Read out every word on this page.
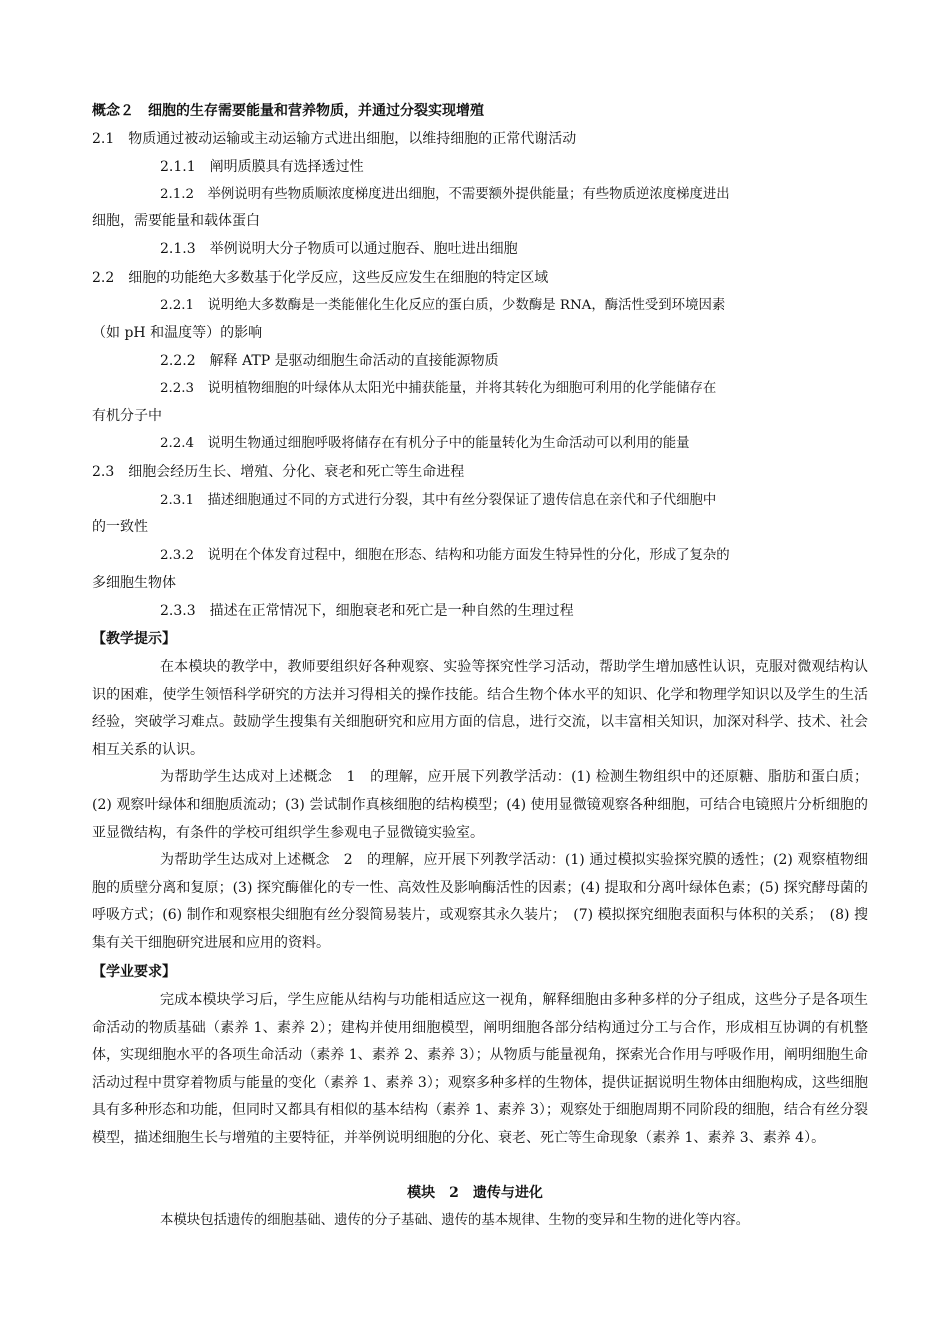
概念２　细胞的生存需要能量和营养物质，并通过分裂实现增殖
2.1　物质通过被动运输或主动运输方式进出细胞，以维持细胞的正常代谢活动
2.1.1　阐明质膜具有选择透过性
2.1.2　举例说明有些物质顺浓度梯度进出细胞，不需要额外提供能量；有些物质逆浓度梯度进出
细胞，需要能量和载体蛋白
2.1.3　举例说明大分子物质可以通过胞吞、胞吐进出细胞
2.2　细胞的功能绝大多数基于化学反应，这些反应发生在细胞的特定区域
2.2.1　说明绝大多数酶是一类能催化生化反应的蛋白质，少数酶是 RNA，酶活性受到环境因素
（如 pH 和温度等）的影响
2.2.2　解释 ATP 是驱动细胞生命活动的直接能源物质
2.2.3　说明植物细胞的叶绿体从太阳光中捕获能量，并将其转化为细胞可利用的化学能储存在
有机分子中
2.2.4　说明生物通过细胞呼吸将储存在有机分子中的能量转化为生命活动可以利用的能量
2.3　细胞会经历生长、增殖、分化、衰老和死亡等生命进程
2.3.1　描述细胞通过不同的方式进行分裂，其中有丝分裂保证了遗传信息在亲代和子代细胞中
的一致性
2.3.2　说明在个体发育过程中，细胞在形态、结构和功能方面发生特异性的分化，形成了复杂的
多细胞生物体
2.3.3　描述在正常情况下，细胞衰老和死亡是一种自然的生理过程
【教学提示】

在本模块的教学中，教师要组织好各种观察、实验等探究性学习活动，帮助学生增加感性认识，克服对微观结构认识的困难，使学生领悟科学研究的方法并习得相关的操作技能。结合生物个体水平的知识、化学和物理学知识以及学生的生活经验，突破学习难点。鼓励学生搜集有关细胞研究和应用方面的信息，进行交流，以丰富相关知识，加深对科学、技术、社会相互关系的认识。

为帮助学生达成对上述概念　1　的理解，应开展下列教学活动：(1) 检测生物组织中的还原糖、脂肪和蛋白质；(2) 观察叶绿体和细胞质流动；(3) 尝试制作真核细胞的结构模型；(4) 使用显微镜观察各种细胞，可结合电镜照片分析细胞的亚显微结构，有条件的学校可组织学生参观电子显微镜实验室。

为帮助学生达成对上述概念　2　的理解，应开展下列教学活动：(1) 通过模拟实验探究膜的透性；(2) 观察植物细胞的质壁分离和复原；(3) 探究酶催化的专一性、高效性及影响酶活性的因素；(4) 提取和分离叶绿体色素；(5) 探究酵母菌的呼吸方式；(6) 制作和观察根尖细胞有丝分裂简易装片，或观察其永久装片；　(7) 模拟探究细胞表面积与体积的关系；　(8) 搜集有关干细胞研究进展和应用的资料。

【学业要求】

完成本模块学习后，学生应能从结构与功能相适应这一视角，解释细胞由多种多样的分子组成，这些分子是各项生命活动的物质基础（素养 1、素养 2）；建构并使用细胞模型，阐明细胞各部分结构通过分工与合作，形成相互协调的有机整体，实现细胞水平的各项生命活动（素养 1、素养 2、素养 3）；从物质与能量视角，探索光合作用与呼吸作用，阐明细胞生命活动过程中贯穿着物质与能量的变化（素养 1、素养 3）；观察多种多样的生物体，提供证据说明生物体由细胞构成，这些细胞具有多种形态和功能，但同时又都具有相似的基本结构（素养 1、素养 3）；观察处于细胞周期不同阶段的细胞，结合有丝分裂模型，描述细胞生长与增殖的主要特征，并举例说明细胞的分化、衰老、死亡等生命现象（素养 1、素养 3、素养 4）。

模块　2　遗传与进化
本模块包括遗传的细胞基础、遗传的分子基础、遗传的基本规律、生物的变异和生物的进化等内容。
